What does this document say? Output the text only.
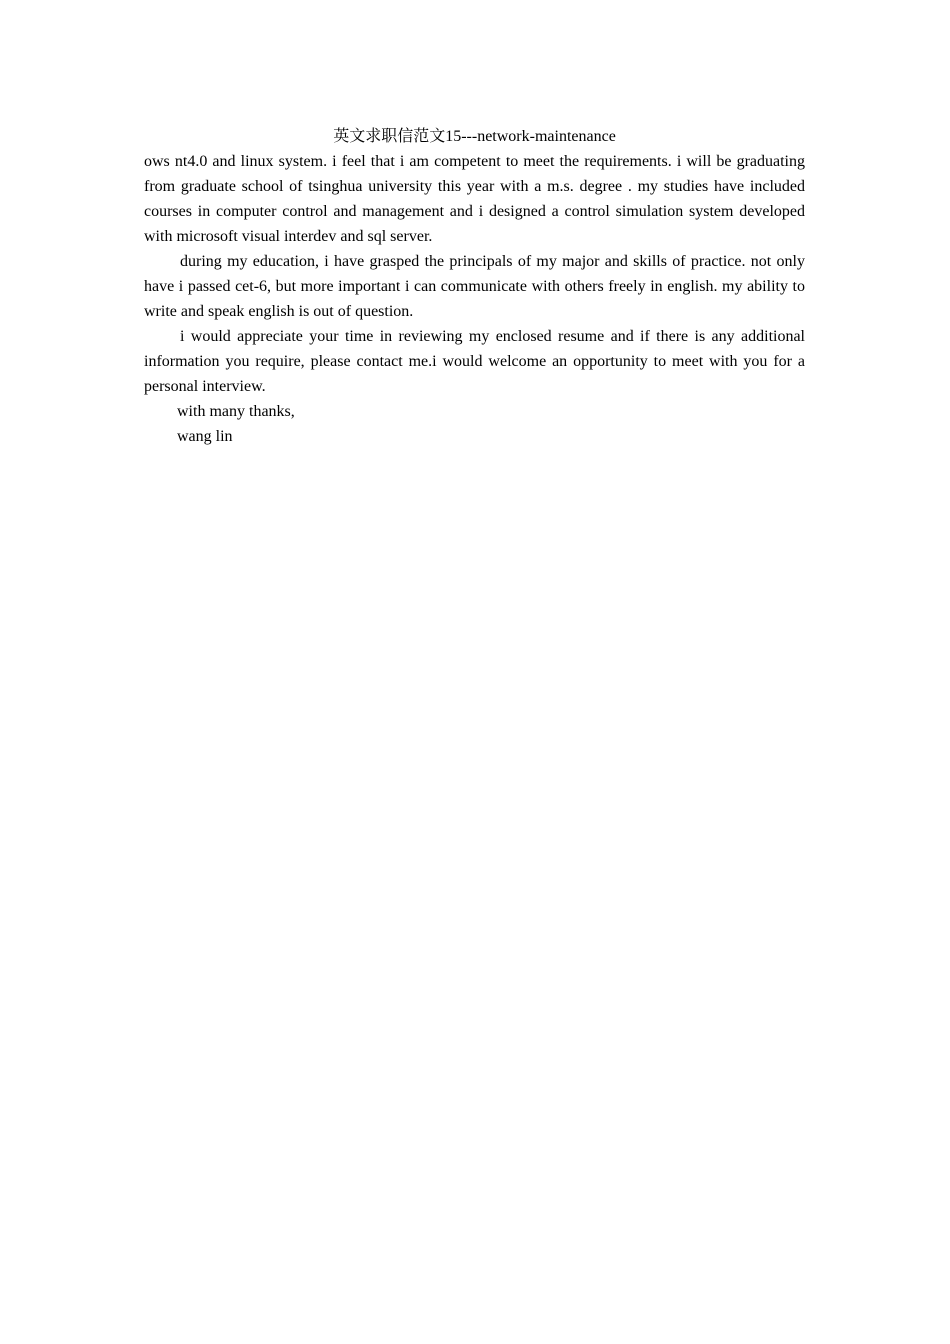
英文求职信范文15---network-maintenance

ows nt4.0 and linux system. i feel that i am competent to meet the requirements. i will be graduating from graduate school of tsinghua university this year with a m.s. degree . my studies have included courses in computer control and management and i designed a control simulation system developed with microsoft visual interdev and sql server.

during my education, i have grasped the principals of my major and skills of practice. not only have i passed cet-6, but more important i can communicate with others freely in english. my ability to write and speak english is out of question.

i would appreciate your time in reviewing my enclosed resume and if there is any additional information you require, please contact me.i would welcome an opportunity to meet with you for a personal interview.

with many thanks,

wang lin
